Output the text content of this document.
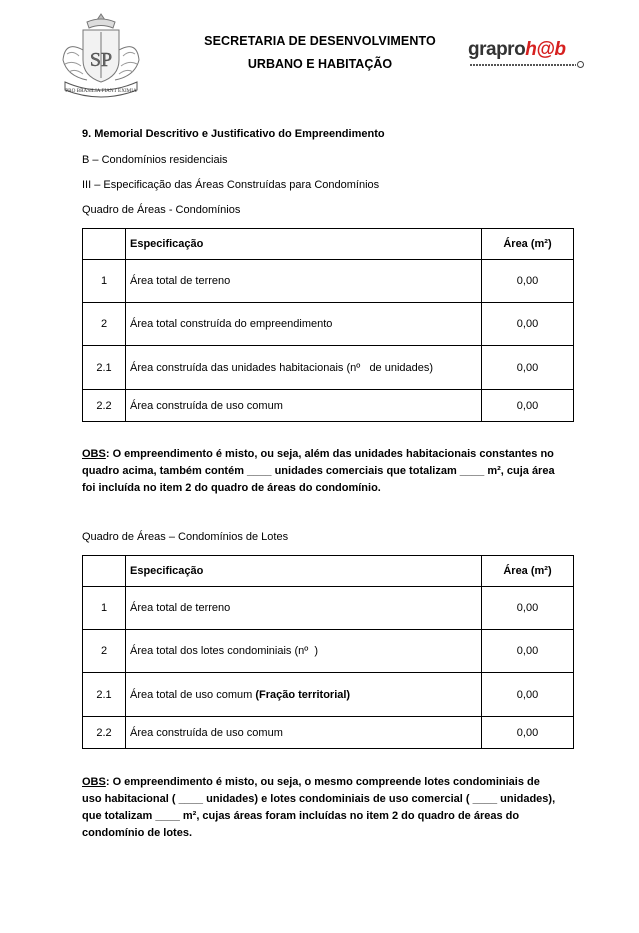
SP
PRO BRASILIA FIANT EXIMIA
SECRETARIA DE DESENVOLVIMENTO
URBANO E HABITAÇÃO
graproh@b
9. Memorial Descritivo e Justificativo do Empreendimento
B – Condomínios residenciais
III – Especificação das Áreas Construídas para Condomínios
Quadro de Áreas - Condomínios
	Especificação	Área (m²)
1	Área total de terreno	0,00
2	Área total construída do empreendimento	0,00
2.1	Área construída das unidades habitacionais (nº   de unidades)	0,00
2.2	Área construída de uso comum	0,00
OBS: O empreendimento é misto, ou seja, além das unidades habitacionais constantes no quadro acima, também contém ____ unidades comerciais que totalizam ____ m², cuja área foi incluída no item 2 do quadro de áreas do condomínio.
Quadro de Áreas – Condomínios de Lotes
	Especificação	Área (m²)
1	Área total de terreno	0,00
2	Área total dos lotes condominiais (nº  )	0,00
2.1	Área total de uso comum (Fração territorial)	0,00
2.2	Área construída de uso comum	0,00
OBS: O empreendimento é misto, ou seja, o mesmo compreende lotes condominiais de uso habitacional ( ____ unidades) e lotes condominiais de uso comercial ( ____ unidades), que totalizam ____ m², cujas áreas foram incluídas no item 2 do quadro de áreas do condomínio de lotes.
